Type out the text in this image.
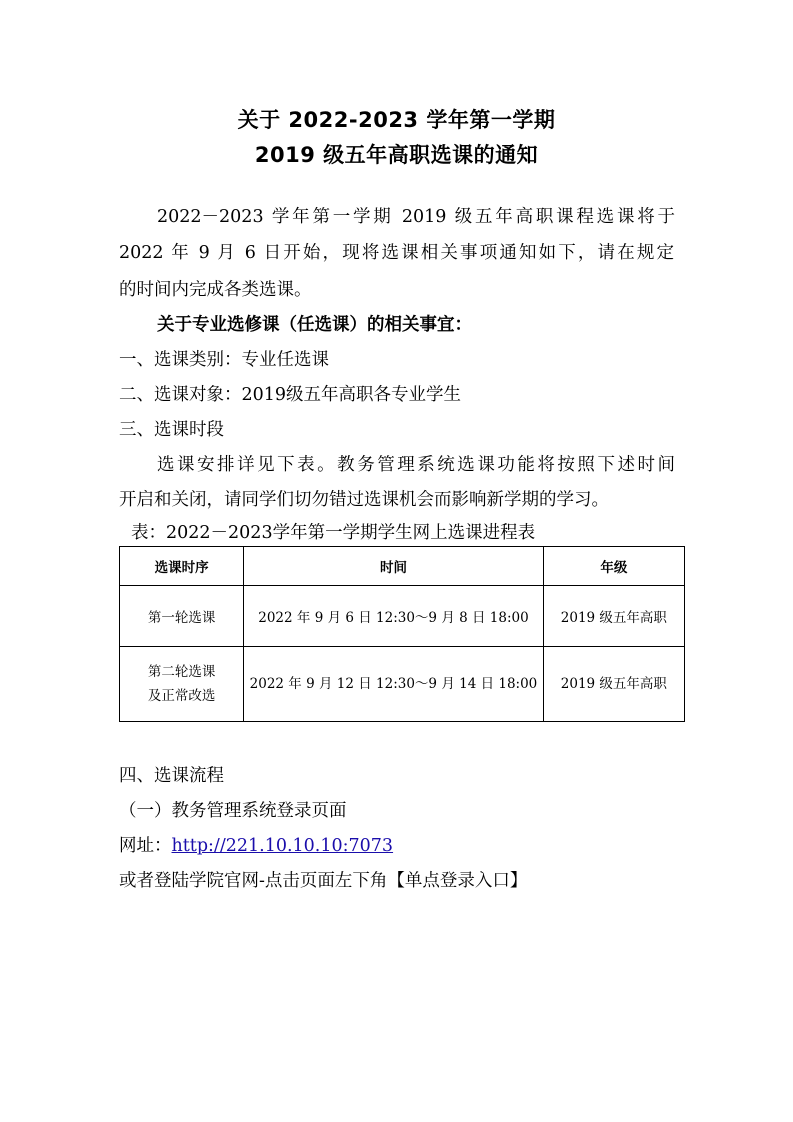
关于 2022-2023 学年第一学期
2019 级五年高职选课的通知
2022－2023 学年第一学期 2019 级五年高职课程选课将于
2022 年 9 月 6 日开始，现将选课相关事项通知如下，请在规定
的时间内完成各类选课。
关于专业选修课（任选课）的相关事宜：
一、选课类别：专业任选课
二、选课对象：2019级五年高职各专业学生
三、选课时段
选课安排详见下表。教务管理系统选课功能将按照下述时间
开启和关闭，请同学们切勿错过选课机会而影响新学期的学习。
表：2022－2023学年第一学期学生网上选课进程表
选课时序	时间	年级
第一轮选课	2022 年 9 月 6 日 12:30～9 月 8 日 18:00	2019 级五年高职

第二轮选课
及正常改选	2022 年 9 月 12 日 12:30～9 月 14 日 18:00	2019 级五年高职
四、选课流程
（一）教务管理系统登录页面
网址：http://221.10.10.10:7073
或者登陆学院官网-点击页面左下角【单点登录入口】
